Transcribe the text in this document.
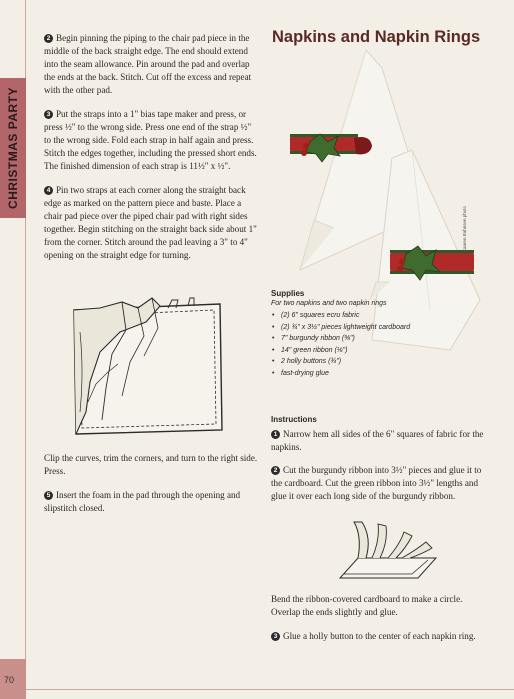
CHRISTMAS PARTY
70

2 Begin pinning the piping to the chair pad piece in the middle of the back straight edge. The end should extend into the seam allowance. Pin around the pad and overlap the ends at the back. Stitch. Cut off the excess and repeat with the other pad.

3 Put the straps into a 1" bias tape maker and press, or press ½" to the wrong side. Press one end of the strap ½" to the wrong side. Fold each strap in half again and press. Stitch the edges together, including the pressed short ends. The finished dimension of each strap is 11½" x ½".

4 Pin two straps at each corner along the straight back edge as marked on the pattern piece and baste. Place a chair pad piece over the piped chair pad with right sides together. Begin stitching on the straight back side about 1" from the corner. Stitch around the pad leaving a 3" to 4" opening on the straight edge for turning.

Clip the curves, trim the corners, and turn to the right side. Press.

5 Insert the foam in the pad through the opening and slipstitch closed.

Napkins and Napkin Rings
Kaaren Bahnsen photo
Supplies

For two napkins and two napkin rings

• (2) 6" squares ecru fabric
• (2) ¾" x 3½" pieces lightweight cardboard
• 7" burgundy ribbon (⅝")
• 14" green ribbon (⅛")
• 2 holly buttons (¾")
• fast-drying glue
Instructions

1 Narrow hem all sides of the 6" squares of fabric for the napkins.

2 Cut the burgundy ribbon into 3½" pieces and glue it to the cardboard. Cut the green ribbon into 3½" lengths and glue it over each long side of the burgundy ribbon.

Bend the ribbon-covered cardboard to make a circle. Overlap the ends slightly and glue.

3 Glue a holly button to the center of each napkin ring.
